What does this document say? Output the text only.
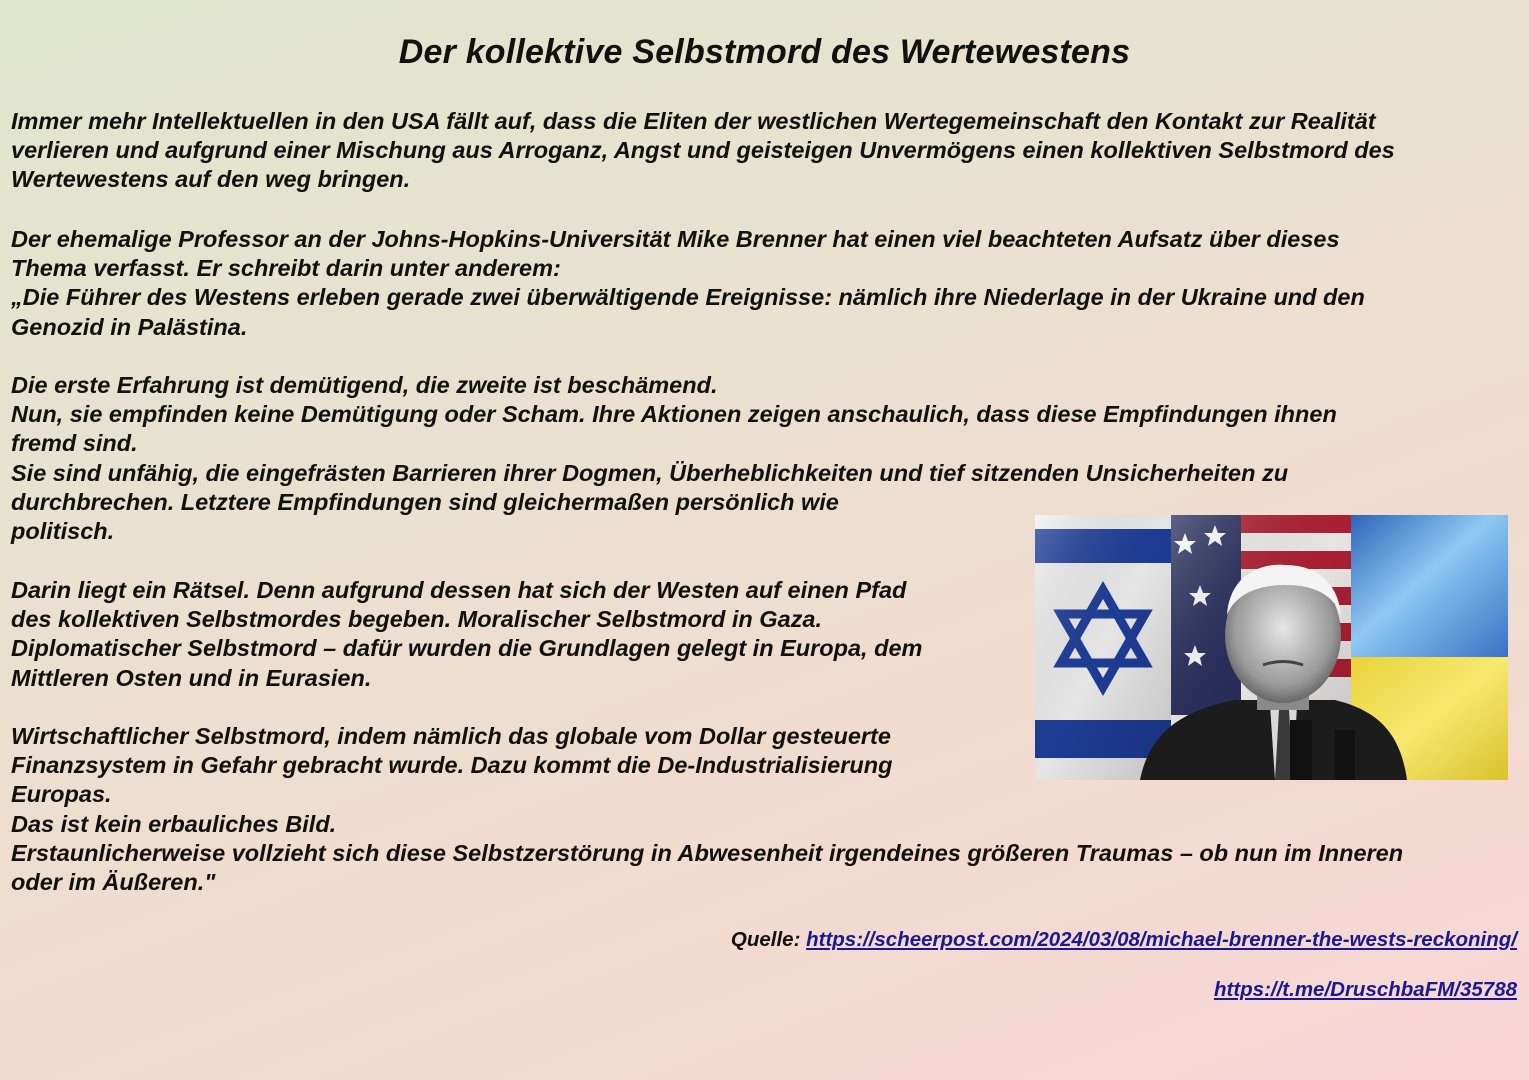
Der kollektive Selbstmord des Wertewestens

Immer mehr Intellektuellen in den USA fällt auf, dass die Eliten der westlichen Wertegemeinschaft den Kontakt zur Realität
verlieren und aufgrund einer Mischung aus Arroganz, Angst und geisteigen Unvermögens einen kollektiven Selbstmord des
Wertewestens auf den weg bringen.

Der ehemalige Professor an der Johns-Hopkins-Universität Mike Brenner hat einen viel beachteten Aufsatz über dieses
Thema verfasst. Er schreibt darin unter anderem:
„Die Führer des Westens erleben gerade zwei überwältigende Ereignisse: nämlich ihre Niederlage in der Ukraine und den
Genozid in Palästina.

Die erste Erfahrung ist demütigend, die zweite ist beschämend.
Nun, sie empfinden keine Demütigung oder Scham. Ihre Aktionen zeigen anschaulich, dass diese Empfindungen ihnen
fremd sind.
Sie sind unfähig, die eingefrästen Barrieren ihrer Dogmen, Überheblichkeiten und tief sitzenden Unsicherheiten zu
durchbrechen. Letztere Empfindungen sind gleichermaßen persönlich wie
politisch.

Darin liegt ein Rätsel. Denn aufgrund dessen hat sich der Westen auf einen Pfad
des kollektiven Selbstmordes begeben. Moralischer Selbstmord in Gaza.
Diplomatischer Selbstmord – dafür wurden die Grundlagen gelegt in Europa, dem
Mittleren Osten und in Eurasien.

Wirtschaftlicher Selbstmord, indem nämlich das globale vom Dollar gesteuerte
Finanzsystem in Gefahr gebracht wurde. Dazu kommt die De-Industrialisierung
Europas.
Das ist kein erbauliches Bild.
Erstaunlicherweise vollzieht sich diese Selbstzerstörung in Abwesenheit irgendeines größeren Traumas – ob nun im Inneren
oder im Äußeren."

Quelle: https://scheerpost.com/2024/03/08/michael-brenner-the-wests-reckoning/
https://t.me/DruschbaFM/35788
